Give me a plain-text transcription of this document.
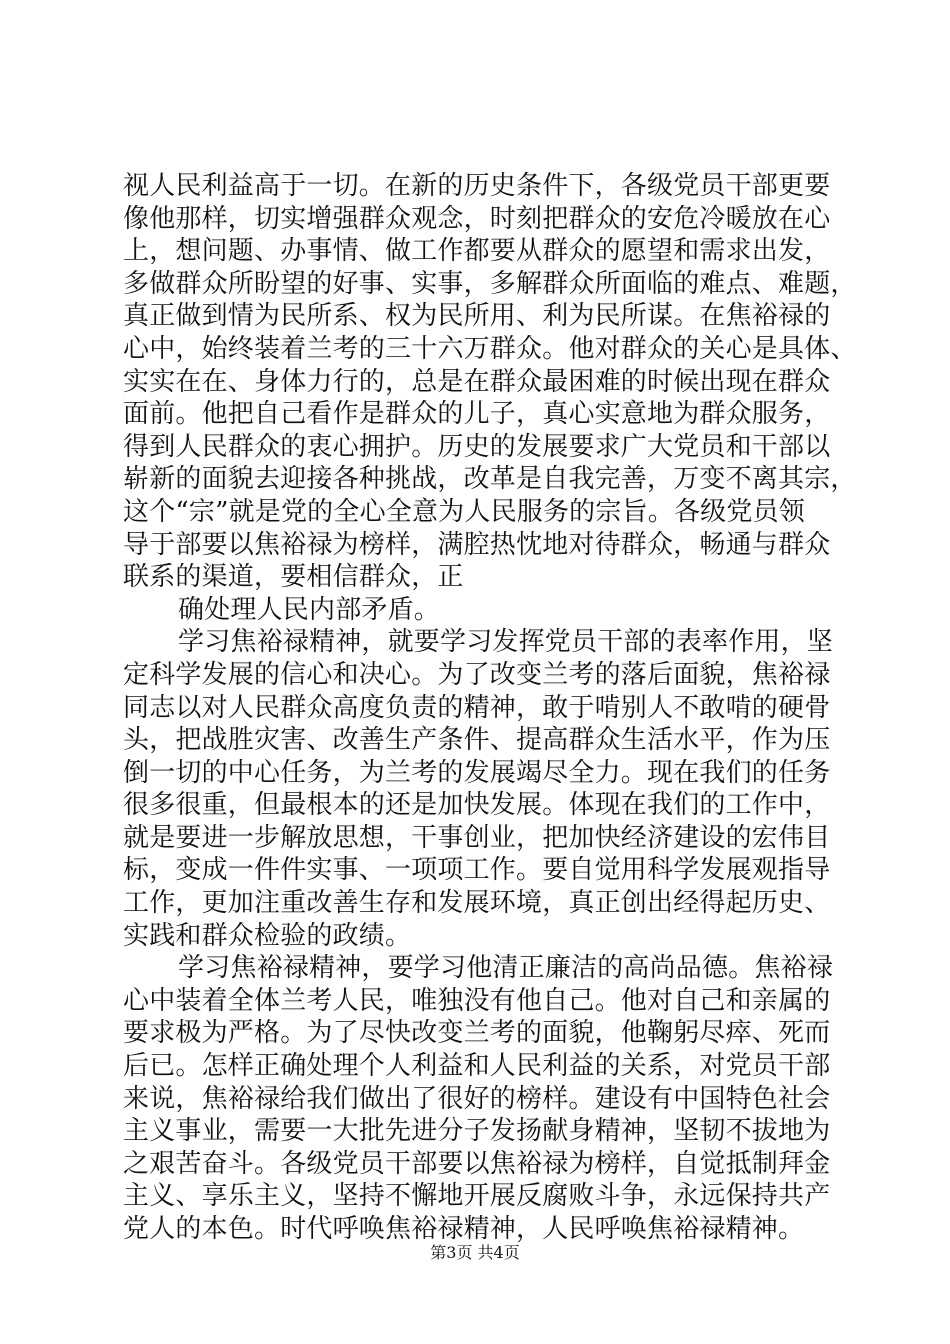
视人民利益高于一切。在新的历史条件下，各级党员干部更要
像他那样，切实增强群众观念，时刻把群众的安危冷暖放在心
上，想问题、办事情、做工作都要从群众的愿望和需求出发，
多做群众所盼望的好事、实事，多解群众所面临的难点、难题，
真正做到情为民所系、权为民所用、利为民所谋。在焦裕禄的
心中，始终装着兰考的三十六万群众。他对群众的关心是具体、
实实在在、身体力行的，总是在群众最困难的时候出现在群众
面前。他把自己看作是群众的儿子，真心实意地为群众服务，
得到人民群众的衷心拥护。历史的发展要求广大党员和干部以
崭新的面貌去迎接各种挑战，改革是自我完善，万变不离其宗，
这个“宗”就是党的全心全意为人民服务的宗旨。各级党员领
导于部要以焦裕禄为榜样，满腔热忱地对待群众，畅通与群众
联系的渠道，要相信群众，正
确处理人民内部矛盾。
学习焦裕禄精神，就要学习发挥党员干部的表率作用，坚
定科学发展的信心和决心。为了改变兰考的落后面貌，焦裕禄
同志以对人民群众高度负责的精神，敢于啃别人不敢啃的硬骨
头，把战胜灾害、改善生产条件、提高群众生活水平，作为压
倒一切的中心任务，为兰考的发展竭尽全力。现在我们的任务
很多很重，但最根本的还是加快发展。体现在我们的工作中，
就是要进一步解放思想，干事创业，把加快经济建设的宏伟目
标，变成一件件实事、一项项工作。要自觉用科学发展观指导
工作，更加注重改善生存和发展环境，真正创出经得起历史、
实践和群众检验的政绩。
学习焦裕禄精神，要学习他清正廉洁的高尚品德。焦裕禄
心中装着全体兰考人民，唯独没有他自己。他对自己和亲属的
要求极为严格。为了尽快改变兰考的面貌，他鞠躬尽瘁、死而
后已。怎样正确处理个人利益和人民利益的关系，对党员干部
来说，焦裕禄给我们做出了很好的榜样。建设有中国特色社会
主义事业，需要一大批先进分子发扬献身精神，坚韧不拔地为
之艰苦奋斗。各级党员干部要以焦裕禄为榜样，自觉抵制拜金
主义、享乐主义，坚持不懈地开展反腐败斗争，永远保持共产
党人的本色。时代呼唤焦裕禄精神，人民呼唤焦裕禄精神。
第3页 共4页
